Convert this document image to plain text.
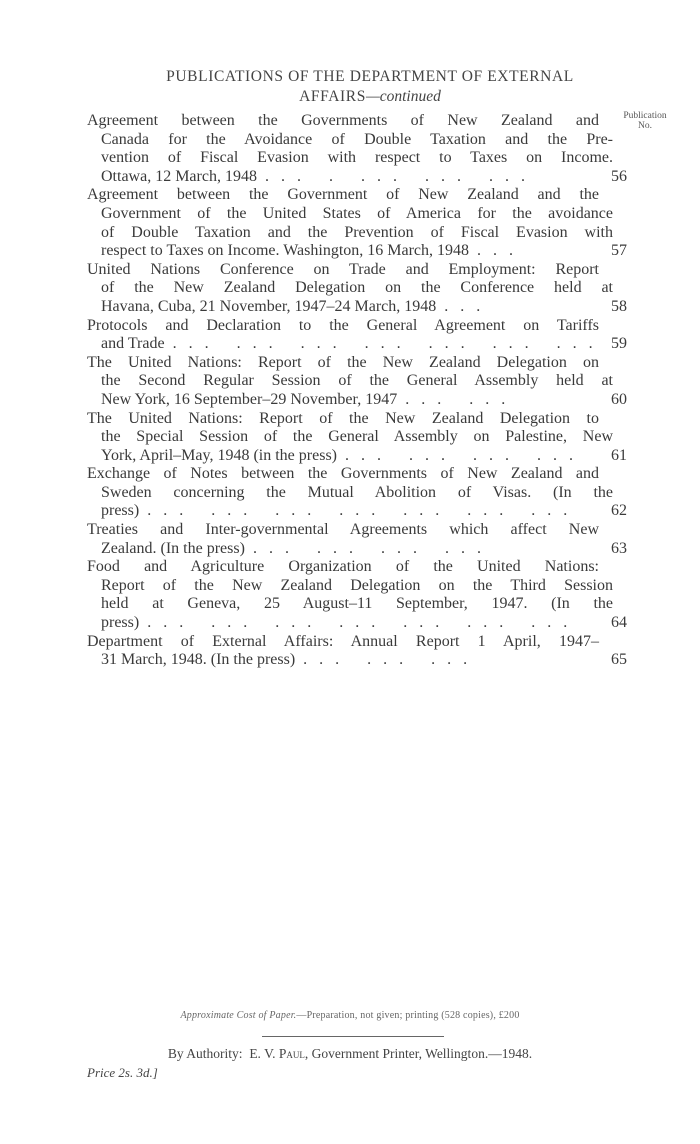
PUBLICATIONS OF THE DEPARTMENT OF EXTERNAL
AFFAIRS—continued
Publication
No.
Agreement between the Governments of New Zealand and
Canada for the Avoidance of Double Taxation and the Pre-
vention of Fiscal Evasion with respect to Taxes on Income.
Ottawa, 12 March, 1948 ... . ... ... ...	56
Agreement between the Government of New Zealand and the
Government of the United States of America for the avoidance
of Double Taxation and the Prevention of Fiscal Evasion with
respect to Taxes on Income. Washington, 16 March, 1948 ...	57
United Nations Conference on Trade and Employment: Report
of the New Zealand Delegation on the Conference held at
Havana, Cuba, 21 November, 1947–24 March, 1948 ...	58
Protocols and Declaration to the General Agreement on Tariffs
and Trade ... ... ... ... ... ... ... 59
The United Nations: Report of the New Zealand Delegation on
the Second Regular Session of the General Assembly held at
New York, 16 September–29 November, 1947 ... ...	60
The United Nations: Report of the New Zealand Delegation to
the Special Session of the General Assembly on Palestine, New
York, April–May, 1948 (in the press) ... ... ... ...	61
Exchange of Notes between the Governments of New Zealand and
Sweden concerning the Mutual Abolition of Visas. (In the
press) ... ... ... ... ... ... ...	62
Treaties and Inter-governmental Agreements which affect New
Zealand. (In the press) ... ... ... ...	63
Food and Agriculture Organization of the United Nations:
Report of the New Zealand Delegation on the Third Session
held at Geneva, 25 August–11 September, 1947. (In the
press) ... ... ... ... ... ... ...	64
Department of External Affairs: Annual Report 1 April, 1947–
31 March, 1948. (In the press) ... ... ...	65
Approximate Cost of Paper.—Preparation, not given; printing (528 copies), £200
By Authority: E. V. Paul, Government Printer, Wellington.—1948.
Price 2s. 3d.]
